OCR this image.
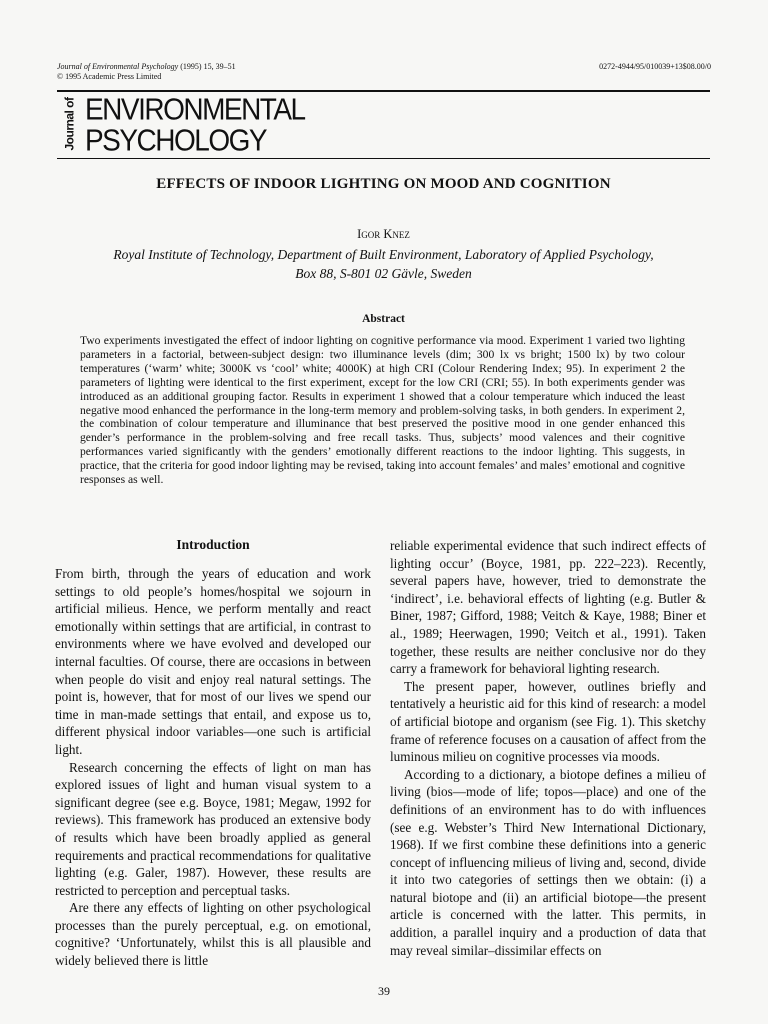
Journal of Environmental Psychology (1995) 15, 39–51
© 1995 Academic Press Limited
0272-4944/95/010039+13$08.00/0
Journal of ENVIRONMENTAL
PSYCHOLOGY
EFFECTS OF INDOOR LIGHTING ON MOOD AND COGNITION
Igor Knez
Royal Institute of Technology, Department of Built Environment, Laboratory of Applied Psychology,
Box 88, S-801 02 Gävle, Sweden
Abstract
Two experiments investigated the effect of indoor lighting on cognitive performance via mood. Experiment 1 varied two lighting parameters in a factorial, between-subject design: two illuminance levels (dim; 300 lx vs bright; 1500 lx) by two colour temperatures (‘warm’ white; 3000K vs ‘cool’ white; 4000K) at high CRI (Colour Rendering Index; 95). In experiment 2 the parameters of lighting were identical to the first experiment, except for the low CRI (CRI; 55). In both experiments gender was introduced as an additional grouping factor. Results in experiment 1 showed that a colour temperature which induced the least negative mood enhanced the performance in the long-term memory and problem-solving tasks, in both genders. In experiment 2, the combination of colour temperature and illuminance that best preserved the positive mood in one gender enhanced this gender’s performance in the problem-solving and free recall tasks. Thus, subjects’ mood valences and their cognitive performances varied significantly with the genders’ emotionally different reactions to the indoor lighting. This suggests, in practice, that the criteria for good indoor lighting may be revised, taking into account females’ and males’ emotional and cognitive responses as well.
Introduction

From birth, through the years of education and work settings to old people’s homes/hospital we sojourn in artificial milieus. Hence, we perform mentally and react emotionally within settings that are artificial, in contrast to environments where we have evolved and developed our internal faculties. Of course, there are occasions in between when people do visit and enjoy real natural settings. The point is, however, that for most of our lives we spend our time in man-made settings that entail, and expose us to, different physical indoor variables—one such is artificial light.

Research concerning the effects of light on man has explored issues of light and human visual system to a significant degree (see e.g. Boyce, 1981; Megaw, 1992 for reviews). This framework has produced an extensive body of results which have been broadly applied as general requirements and practical recommendations for qualitative lighting (e.g. Galer, 1987). However, these results are restricted to perception and perceptual tasks.

Are there any effects of lighting on other psychological processes than the purely perceptual, e.g. on emotional, cognitive? ‘Unfortunately, whilst this is all plausible and widely believed there is little

reliable experimental evidence that such indirect effects of lighting occur’ (Boyce, 1981, pp. 222–223). Recently, several papers have, however, tried to demonstrate the ‘indirect’, i.e. behavioral effects of lighting (e.g. Butler & Biner, 1987; Gifford, 1988; Veitch & Kaye, 1988; Biner et al., 1989; Heerwagen, 1990; Veitch et al., 1991). Taken together, these results are neither conclusive nor do they carry a framework for behavioral lighting research.

The present paper, however, outlines briefly and tentatively a heuristic aid for this kind of research: a model of artificial biotope and organism (see Fig. 1). This sketchy frame of reference focuses on a causation of affect from the luminous milieu on cognitive processes via moods.

According to a dictionary, a biotope defines a milieu of living (bios—mode of life; topos—place) and one of the definitions of an environment has to do with influences (see e.g. Webster’s Third New International Dictionary, 1968). If we first combine these definitions into a generic concept of influencing milieus of living and, second, divide it into two categories of settings then we obtain: (i) a natural biotope and (ii) an artificial biotope—the present article is concerned with the latter. This permits, in addition, a parallel inquiry and a production of data that may reveal similar–dissimilar effects on

39
